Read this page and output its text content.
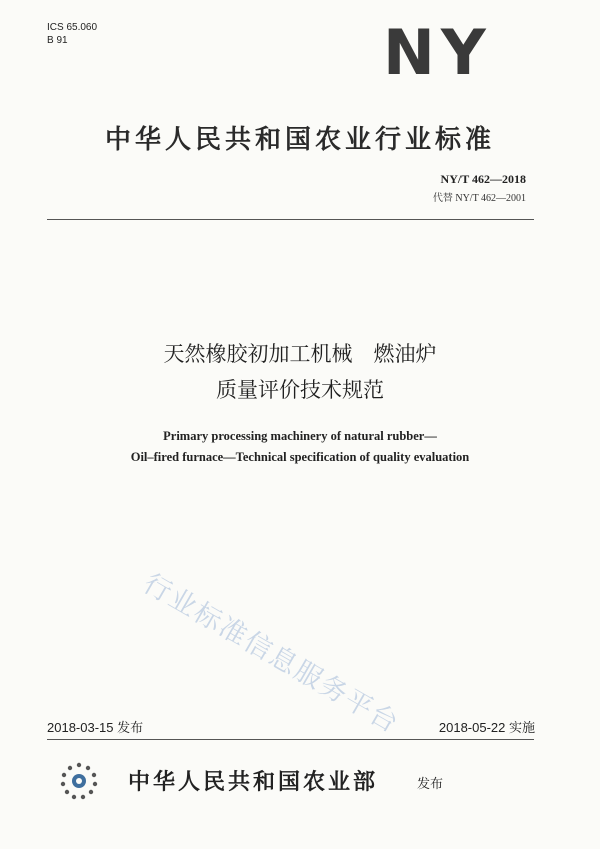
ICS 65.060
B 91	NY
中华人民共和国农业行业标准
NY/T 462—2018
代替 NY/T 462—2001
天然橡胶初加工机械　燃油炉
质量评价技术规范
Primary processing machinery of natural rubber—
Oil–fired furnace—Technical specification of quality evaluation
行业标准信息服务平台
2018-03-15 发布	2018-05-22 实施
中华人民共和国农业部	发布
